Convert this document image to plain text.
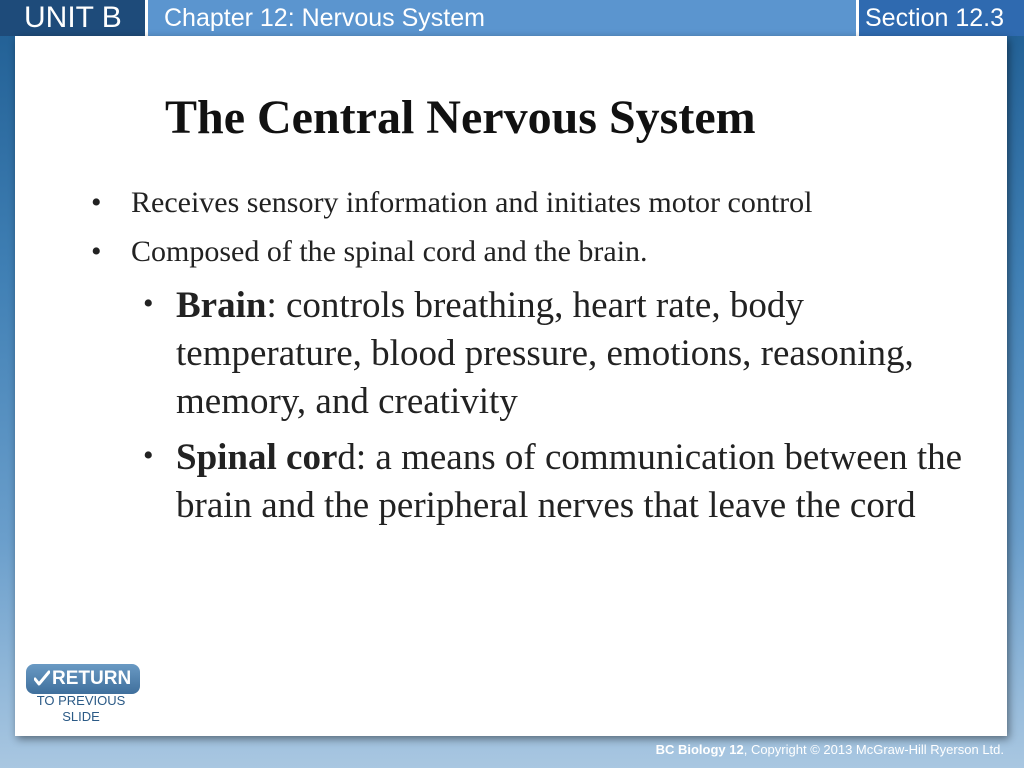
UNIT B	Chapter 12: Nervous System	Section 12.3
The Central Nervous System
• Receives sensory information and initiates motor control
• Composed of the spinal cord and the brain.
• Brain: controls breathing, heart rate, body temperature, blood pressure, emotions, reasoning, memory, and creativity
• Spinal cord: a means of communication between the brain and the peripheral nerves that leave the cord
RETURN
TO PREVIOUS SLIDE
BC Biology 12, Copyright © 2013 McGraw-Hill Ryerson Ltd.
